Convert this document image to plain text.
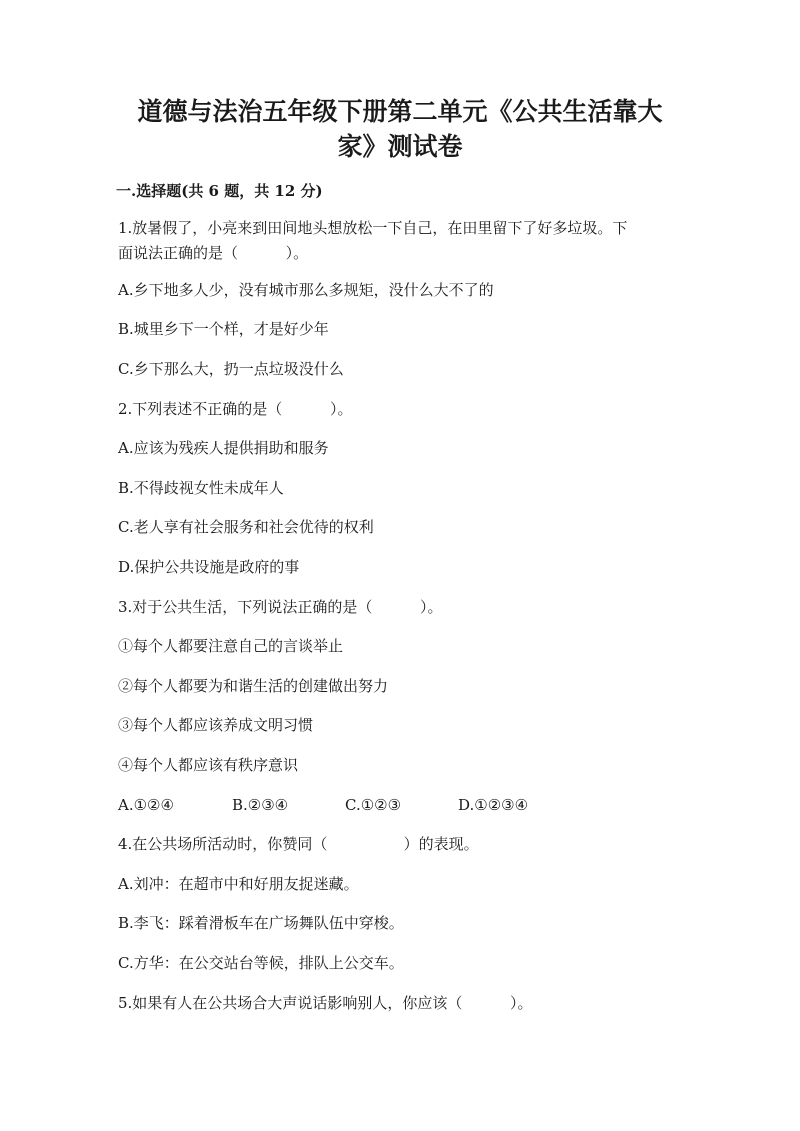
道德与法治五年级下册第二单元《公共生活靠大
家》测试卷
一.选择题(共 6 题，共 12 分)
1.放暑假了，小亮来到田间地头想放松一下自己，在田里留下了好多垃圾。下
面说法正确的是（          ）。
A.乡下地多人少，没有城市那么多规矩，没什么大不了的
B.城里乡下一个样，才是好少年
C.乡下那么大，扔一点垃圾没什么
2.下列表述不正确的是（          ）。
A.应该为残疾人提供捐助和服务
B.不得歧视女性未成年人
C.老人享有社会服务和社会优待的权利
D.保护公共设施是政府的事
3.对于公共生活，下列说法正确的是（          ）。
①每个人都要注意自己的言谈举止
②每个人都要为和谐生活的创建做出努力
③每个人都应该养成文明习惯
④每个人都应该有秩序意识
A.①②④	B.②③④	C.①②③	D.①②③④
4.在公共场所活动时，你赞同（                ）的表现。
A.刘冲：在超市中和好朋友捉迷藏。
B.李飞：踩着滑板车在广场舞队伍中穿梭。
C.方华：在公交站台等候，排队上公交车。
5.如果有人在公共场合大声说话影响别人，你应该（          ）。
